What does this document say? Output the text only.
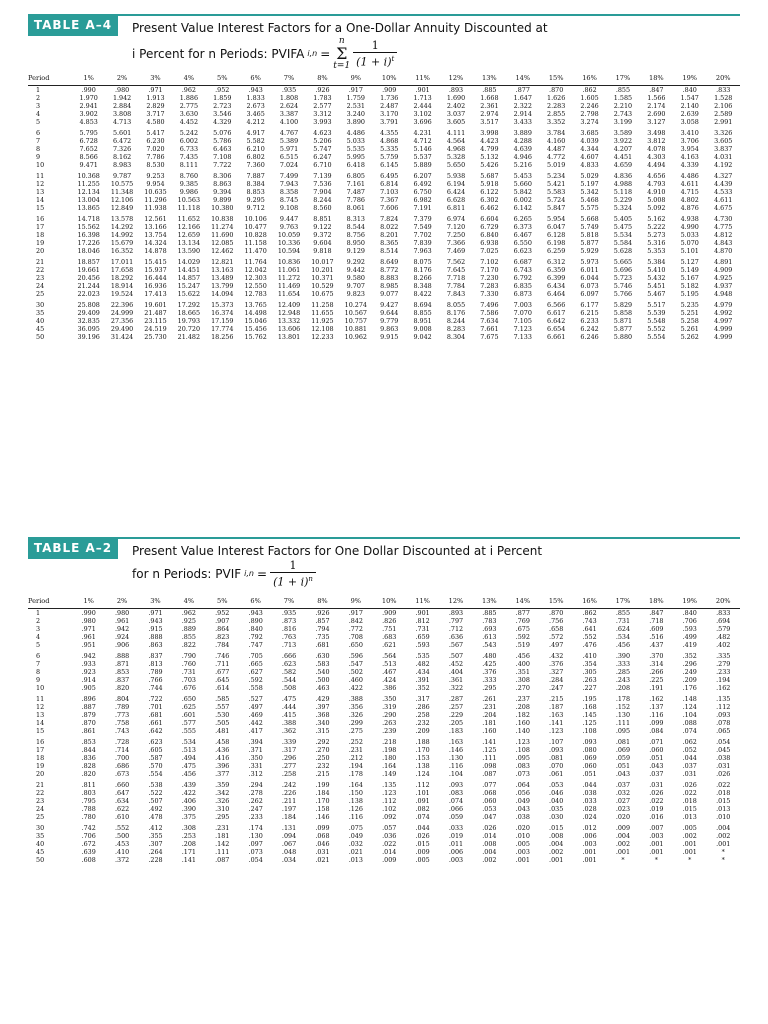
TABLE A–4	Present Value Interest Factors for a One-Dollar Annuity Discounted at
i Percent for n Periods: PVIFA i,n =
n
Σ
$t=1 \frac{1}{(1 + i)^t}$
Period	1%	2%	3%	4%	5%	6%	7%	8%	9%	10%	11%	12%	13%	14%	15%	16%	17%	18%	19%	20%
1	.990	.980	.971	.962	.952	.943	.935	.926	.917	.909	.901	.893	.885	.877	.870	.862	.855	.847	.840	.833
2	1.970	1.942	1.913	1.886	1.859	1.833	1.808	1.783	1.759	1.736	1.713	1.690	1.668	1.647	1.626	1.605	1.585	1.566	1.547	1.528
3	2.941	2.884	2.829	2.775	2.723	2.673	2.624	2.577	2.531	2.487	2.444	2.402	2.361	2.322	2.283	2.246	2.210	2.174	2.140	2.106
4	3.902	3.808	3.717	3.630	3.546	3.465	3.387	3.312	3.240	3.170	3.102	3.037	2.974	2.914	2.855	2.798	2.743	2.690	2.639	2.589
5	4.853	4.713	4.580	4.452	4.329	4.212	4.100	3.993	3.890	3.791	3.696	3.605	3.517	3.433	3.352	3.274	3.199	3.127	3.058	2.991
6	5.795	5.601	5.417	5.242	5.076	4.917	4.767	4.623	4.486	4.355	4.231	4.111	3.998	3.889	3.784	3.685	3.589	3.498	3.410	3.326
7	6.728	6.472	6.230	6.002	5.786	5.582	5.389	5.206	5.033	4.868	4.712	4.564	4.423	4.288	4.160	4.039	3.922	3.812	3.706	3.605
8	7.652	7.326	7.020	6.733	6.463	6.210	5.971	5.747	5.535	5.335	5.146	4.968	4.799	4.639	4.487	4.344	4.207	4.078	3.954	3.837
9	8.566	8.162	7.786	7.435	7.108	6.802	6.515	6.247	5.995	5.759	5.537	5.328	5.132	4.946	4.772	4.607	4.451	4.303	4.163	4.031
10	9.471	8.983	8.530	8.111	7.722	7.360	7.024	6.710	6.418	6.145	5.889	5.650	5.426	5.216	5.019	4.833	4.659	4.494	4.339	4.192
11	10.368	9.787	9.253	8.760	8.306	7.887	7.499	7.139	6.805	6.495	6.207	5.938	5.687	5.453	5.234	5.029	4.836	4.656	4.486	4.327
12	11.255	10.575	9.954	9.385	8.863	8.384	7.943	7.536	7.161	6.814	6.492	6.194	5.918	5.660	5.421	5.197	4.988	4.793	4.611	4.439
13	12.134	11.348	10.635	9.986	9.394	8.853	8.358	7.904	7.487	7.103	6.750	6.424	6.122	5.842	5.583	5.342	5.118	4.910	4.715	4.533
14	13.004	12.106	11.296	10.563	9.899	9.295	8.745	8.244	7.786	7.367	6.982	6.628	6.302	6.002	5.724	5.468	5.229	5.008	4.802	4.611
15	13.865	12.849	11.938	11.118	10.380	9.712	9.108	8.560	8.061	7.606	7.191	6.811	6.462	6.142	5.847	5.575	5.324	5.092	4.876	4.675
16	14.718	13.578	12.561	11.652	10.838	10.106	9.447	8.851	8.313	7.824	7.379	6.974	6.604	6.265	5.954	5.668	5.405	5.162	4.938	4.730
17	15.562	14.292	13.166	12.166	11.274	10.477	9.763	9.122	8.544	8.022	7.549	7.120	6.729	6.373	6.047	5.749	5.475	5.222	4.990	4.775
18	16.398	14.992	13.754	12.659	11.690	10.828	10.059	9.372	8.756	8.201	7.702	7.250	6.840	6.467	6.128	5.818	5.534	5.273	5.033	4.812
19	17.226	15.679	14.324	13.134	12.085	11.158	10.336	9.604	8.950	8.365	7.839	7.366	6.938	6.550	6.198	5.877	5.584	5.316	5.070	4.843
20	18.046	16.352	14.878	13.590	12.462	11.470	10.594	9.818	9.129	8.514	7.963	7.469	7.025	6.623	6.259	5.929	5.628	5.353	5.101	4.870
21	18.857	17.011	15.415	14.029	12.821	11.764	10.836	10.017	9.292	8.649	8.075	7.562	7.102	6.687	6.312	5.973	5.665	5.384	5.127	4.891
22	19.661	17.658	15.937	14.451	13.163	12.042	11.061	10.201	9.442	8.772	8.176	7.645	7.170	6.743	6.359	6.011	5.696	5.410	5.149	4.909
23	20.456	18.292	16.444	14.857	13.489	12.303	11.272	10.371	9.580	8.883	8.266	7.718	7.230	6.792	6.399	6.044	5.723	5.432	5.167	4.925
24	21.244	18.914	16.936	15.247	13.799	12.550	11.469	10.529	9.707	8.985	8.348	7.784	7.283	6.835	6.434	6.073	5.746	5.451	5.182	4.937
25	22.023	19.524	17.413	15.622	14.094	12.783	11.654	10.675	9.823	9.077	8.422	7.843	7.330	6.873	6.464	6.097	5.766	5.467	5.195	4.948
30	25.808	22.396	19.601	17.292	15.373	13.765	12.409	11.258	10.274	9.427	8.694	8.055	7.496	7.003	6.566	6.177	5.829	5.517	5.235	4.979
35	29.409	24.999	21.487	18.665	16.374	14.498	12.948	11.655	10.567	9.644	8.855	8.176	7.586	7.070	6.617	6.215	5.858	5.539	5.251	4.992
40	32.835	27.356	23.115	19.793	17.159	15.046	13.332	11.925	10.757	9.779	8.951	8.244	7.634	7.105	6.642	6.233	5.871	5.548	5.258	4.997
45	36.095	29.490	24.519	20.720	17.774	15.456	13.606	12.108	10.881	9.863	9.008	8.283	7.661	7.123	6.654	6.242	5.877	5.552	5.261	4.999
50	39.196	31.424	25.730	21.482	18.256	15.762	13.801	12.233	10.962	9.915	9.042	8.304	7.675	7.133	6.661	6.246	5.880	5.554	5.262	4.999
TABLE A–2	Present Value Interest Factors for One Dollar Discounted at i Percent
for n Periods: PVIF $i,n = \frac{1}{(1 + i)^n}$
Period	1%	2%	3%	4%	5%	6%	7%	8%	9%	10%	11%	12%	13%	14%	15%	16%	17%	18%	19%	20%
1	.990	.980	.971	.962	.952	.943	.935	.926	.917	.909	.901	.893	.885	.877	.870	.862	.855	.847	.840	.833
2	.980	.961	.943	.925	.907	.890	.873	.857	.842	.826	.812	.797	.783	.769	.756	.743	.731	.718	.706	.694
3	.971	.942	.915	.889	.864	.840	.816	.794	.772	.751	.731	.712	.693	.675	.658	.641	.624	.609	.593	.579
4	.961	.924	.888	.855	.823	.792	.763	.735	.708	.683	.659	.636	.613	.592	.572	.552	.534	.516	.499	.482
5	.951	.906	.863	.822	.784	.747	.713	.681	.650	.621	.593	.567	.543	.519	.497	.476	.456	.437	.419	.402
6	.942	.888	.837	.790	.746	.705	.666	.630	.596	.564	.535	.507	.480	.456	.432	.410	.390	.370	.352	.335
7	.933	.871	.813	.760	.711	.665	.623	.583	.547	.513	.482	.452	.425	.400	.376	.354	.333	.314	.296	.279
8	.923	.853	.789	.731	.677	.627	.582	.540	.502	.467	.434	.404	.376	.351	.327	.305	.285	.266	.249	.233
9	.914	.837	.766	.703	.645	.592	.544	.500	.460	.424	.391	.361	.333	.308	.284	.263	.243	.225	.209	.194
10	.905	.820	.744	.676	.614	.558	.508	.463	.422	.386	.352	.322	.295	.270	.247	.227	.208	.191	.176	.162
11	.896	.804	.722	.650	.585	.527	.475	.429	.388	.350	.317	.287	.261	.237	.215	.195	.178	.162	.148	.135
12	.887	.789	.701	.625	.557	.497	.444	.397	.356	.319	.286	.257	.231	.208	.187	.168	.152	.137	.124	.112
13	.879	.773	.681	.601	.530	.469	.415	.368	.326	.290	.258	.229	.204	.182	.163	.145	.130	.116	.104	.093
14	.870	.758	.661	.577	.505	.442	.388	.340	.299	.263	.232	.205	.181	.160	.141	.125	.111	.099	.088	.078
15	.861	.743	.642	.555	.481	.417	.362	.315	.275	.239	.209	.183	.160	.140	.123	.108	.095	.084	.074	.065
16	.853	.728	.623	.534	.458	.394	.339	.292	.252	.218	.188	.163	.141	.123	.107	.093	.081	.071	.062	.054
17	.844	.714	.605	.513	.436	.371	.317	.270	.231	.198	.170	.146	.125	.108	.093	.080	.069	.060	.052	.045
18	.836	.700	.587	.494	.416	.350	.296	.250	.212	.180	.153	.130	.111	.095	.081	.069	.059	.051	.044	.038
19	.828	.686	.570	.475	.396	.331	.277	.232	.194	.164	.138	.116	.098	.083	.070	.060	.051	.043	.037	.031
20	.820	.673	.554	.456	.377	.312	.258	.215	.178	.149	.124	.104	.087	.073	.061	.051	.043	.037	.031	.026
21	.811	.660	.538	.439	.359	.294	.242	.199	.164	.135	.112	.093	.077	.064	.053	.044	.037	.031	.026	.022
22	.803	.647	.522	.422	.342	.278	.226	.184	.150	.123	.101	.083	.068	.056	.046	.038	.032	.026	.022	.018
23	.795	.634	.507	.406	.326	.262	.211	.170	.138	.112	.091	.074	.060	.049	.040	.033	.027	.022	.018	.015
24	.788	.622	.492	.390	.310	.247	.197	.158	.126	.102	.082	.066	.053	.043	.035	.028	.023	.019	.015	.013
25	.780	.610	.478	.375	.295	.233	.184	.146	.116	.092	.074	.059	.047	.038	.030	.024	.020	.016	.013	.010
30	.742	.552	.412	.308	.231	.174	.131	.099	.075	.057	.044	.033	.026	.020	.015	.012	.009	.007	.005	.004
35	.706	.500	.355	.253	.181	.130	.094	.068	.049	.036	.026	.019	.014	.010	.008	.006	.004	.003	.002	.002
40	.672	.453	.307	.208	.142	.097	.067	.046	.032	.022	.015	.011	.008	.005	.004	.003	.002	.001	.001	.001
45	.639	.410	.264	.171	.111	.073	.048	.031	.021	.014	.009	.006	.004	.003	.002	.001	.001	.001	.001	*
50	.608	.372	.228	.141	.087	.054	.034	.021	.013	.009	.005	.003	.002	.001	.001	.001	*	*	*	*
